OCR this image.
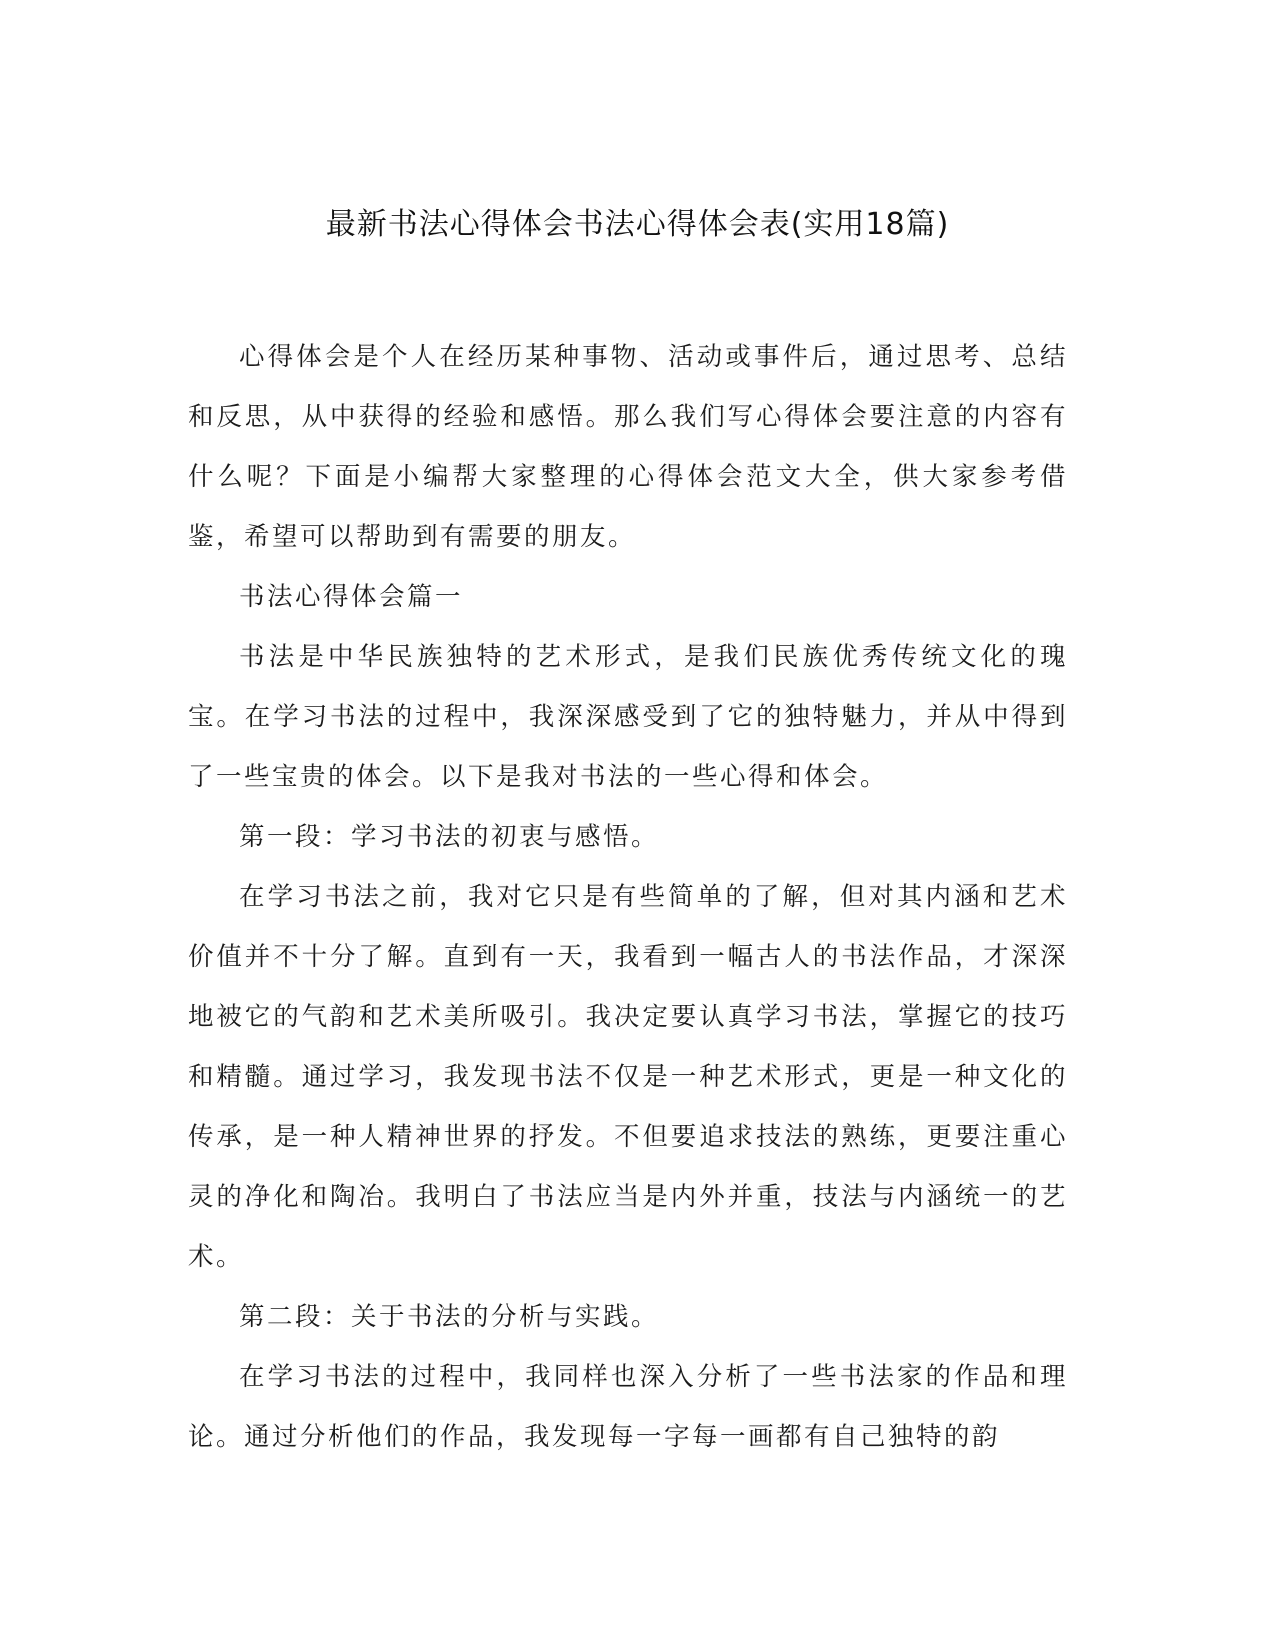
最新书法心得体会书法心得体会表(实用18篇)

心得体会是个人在经历某种事物、活动或事件后，通过思考、总结和反思，从中获得的经验和感悟。那么我们写心得体会要注意的内容有什么呢？下面是小编帮大家整理的心得体会范文大全，供大家参考借鉴，希望可以帮助到有需要的朋友。

书法心得体会篇一

书法是中华民族独特的艺术形式，是我们民族优秀传统文化的瑰宝。在学习书法的过程中，我深深感受到了它的独特魅力，并从中得到了一些宝贵的体会。以下是我对书法的一些心得和体会。

第一段：学习书法的初衷与感悟。

在学习书法之前，我对它只是有些简单的了解，但对其内涵和艺术价值并不十分了解。直到有一天，我看到一幅古人的书法作品，才深深地被它的气韵和艺术美所吸引。我决定要认真学习书法，掌握它的技巧和精髓。通过学习，我发现书法不仅是一种艺术形式，更是一种文化的传承，是一种人精神世界的抒发。不但要追求技法的熟练，更要注重心灵的净化和陶冶。我明白了书法应当是内外并重，技法与内涵统一的艺术。

第二段：关于书法的分析与实践。

在学习书法的过程中，我同样也深入分析了一些书法家的作品和理论。通过分析他们的作品，我发现每一字每一画都有自己独特的韵
